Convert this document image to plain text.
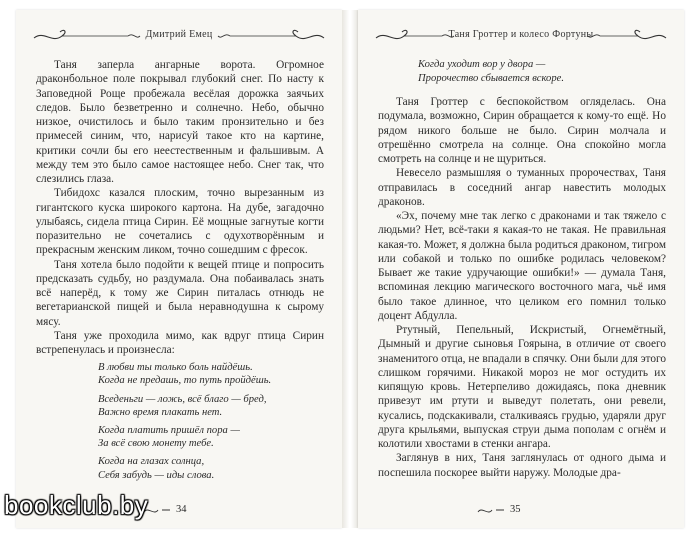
Дмитрий Емец

Таня заперла ангарные ворота. Огромное драконбольное поле покрывал глубокий снег. По насту к Заповедной Роще пробежала весёлая дорожка заячьих следов. Было безветренно и солнечно. Небо, обычно низкое, очистилось и было таким пронзительно и без примесей синим, что, нарисуй такое кто на картине, критики сочли бы его неестественным и фальшивым. А между тем это было самое настоящее небо. Снег так, что слезились глаза.

Тибидохс казался плоским, точно вырезанным из гигантского куска широкого картона. На дубе, загадочно улыбаясь, сидела птица Сирин. Её мощные загнутые когти поразительно не сочетались с одухотворённым и прекрасным женским ликом, точно сошедшим с фресок.

Таня хотела было подойти к вещей птице и попросить предсказать судьбу, но раздумала. Она побаивалась знать всё наперёд, к тому же Сирин питалась отнюдь не вегетарианской пищей и была неравнодушна к сырому мясу.

Таня уже проходила мимо, как вдруг птица Сирин встрепенулась и произнесла:

В любви ты только боль найдёшь.
Когда не предашь, то путь пройдёшь.
Вседеньги — ложь, всё благо — бред,
Важно время плакать нет.
Когда платить пришёл пора —
За всё свою монету тебе.
Когда на глазах солнца,
Себя забудь — иды слова.
34
Таня Гроттер и колесо Фортуны
Когда уходит вор у двора —
Пророчество сбывается вскоре.

Таня Гроттер с беспокойством огляделась. Она подумала, возможно, Сирин обращается к кому-то ещё. Но рядом никого больше не было. Сирин молчала и отрешённо смотрела на солнце. Она спокойно могла смотреть на солнце и не щуриться.

Невесело размышляя о туманных пророчествах, Таня отправилась в соседний ангар навестить молодых драконов.

«Эх, почему мне так легко с драконами и так тяжело с людьми? Нет, всё-таки я какая-то не такая. Не правильная какая-то. Может, я должна была родиться драконом, тигром или собакой и только по ошибке родилась человеком? Бывает же такие удручающие ошибки!» — думала Таня, вспоминая лекцию магического восточного мага, чьё имя было такое длинное, что целиком его помнил только доцент Абдулла.

Ртутный, Пепельный, Искристый, Огнемётный, Дымный и другие сыновья Гоярына, в отличие от своего знаменитого отца, не впадали в спячку. Они были для этого слишком горячими. Никакой мороз не мог остудить их кипящую кровь. Нетерпеливо дожидаясь, пока дневник привезут им ртути и выведут полетать, они ревели, кусались, подскакивали, сталкиваясь грудью, ударяли друг друга крыльями, выпуская струи дыма пополам с огнём и колотили хвостами в стенки ангара.

Заглянув в них, Таня заглянулась от одного дыма и поспешила поскорее выйти наружу. Молодые дра-

35
bookclub.by
